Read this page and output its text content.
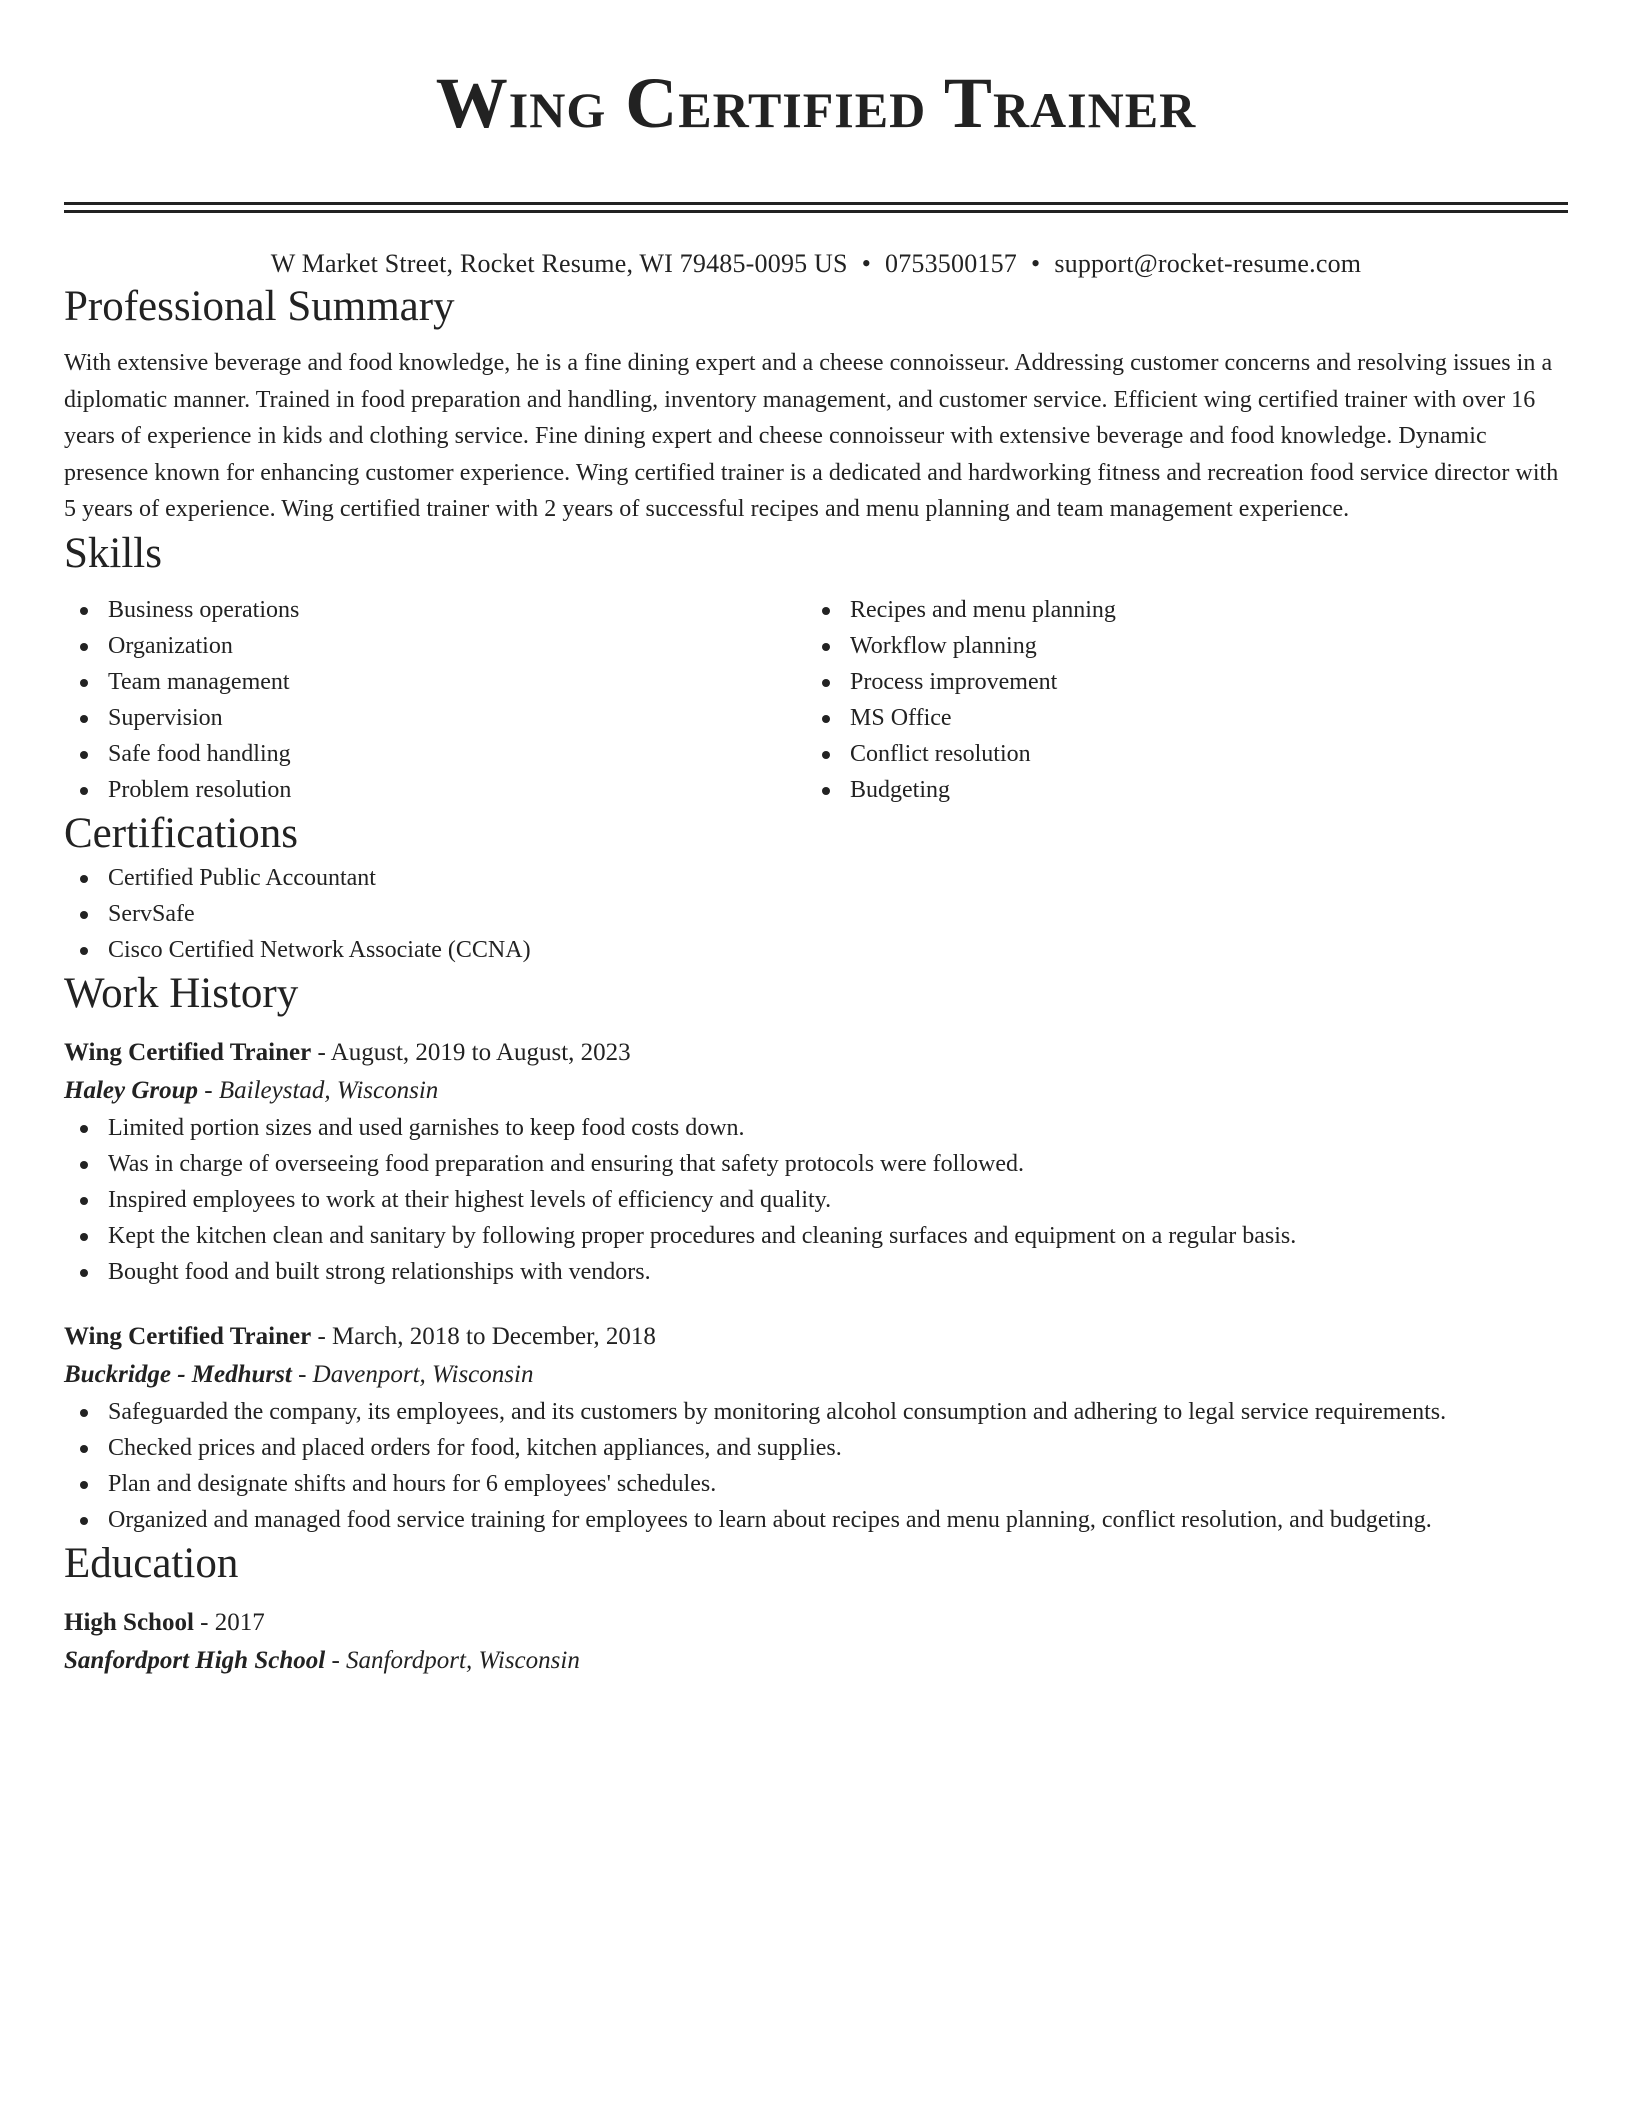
Wing Certified Trainer
W Market Street, Rocket Resume, WI 79485-0095 US • 0753500157 • support@rocket-resume.com
Professional Summary

With extensive beverage and food knowledge, he is a fine dining expert and a cheese connoisseur. Addressing customer concerns and resolving issues in a diplomatic manner. Trained in food preparation and handling, inventory management, and customer service. Efficient wing certified trainer with over 16 years of experience in kids and clothing service. Fine dining expert and cheese connoisseur with extensive beverage and food knowledge. Dynamic presence known for enhancing customer experience. Wing certified trainer is a dedicated and hardworking fitness and recreation food service director with 5 years of experience. Wing certified trainer with 2 years of successful recipes and menu planning and team management experience.

Skills
Business operations
Organization
Team management
Supervision
Safe food handling
Problem resolution
Recipes and menu planning
Workflow planning
Process improvement
MS Office
Conflict resolution
Budgeting
Certifications
Certified Public Accountant
ServSafe
Cisco Certified Network Associate (CCNA)
Work History
Wing Certified Trainer - August, 2019 to August, 2023
Haley Group - Baileystad, Wisconsin
Limited portion sizes and used garnishes to keep food costs down.
Was in charge of overseeing food preparation and ensuring that safety protocols were followed.
Inspired employees to work at their highest levels of efficiency and quality.
Kept the kitchen clean and sanitary by following proper procedures and cleaning surfaces and equipment on a regular basis.
Bought food and built strong relationships with vendors.
Wing Certified Trainer - March, 2018 to December, 2018
Buckridge - Medhurst - Davenport, Wisconsin
Safeguarded the company, its employees, and its customers by monitoring alcohol consumption and adhering to legal service requirements.
Checked prices and placed orders for food, kitchen appliances, and supplies.
Plan and designate shifts and hours for 6 employees' schedules.
Organized and managed food service training for employees to learn about recipes and menu planning, conflict resolution, and budgeting.
Education
High School - 2017
Sanfordport High School - Sanfordport, Wisconsin
